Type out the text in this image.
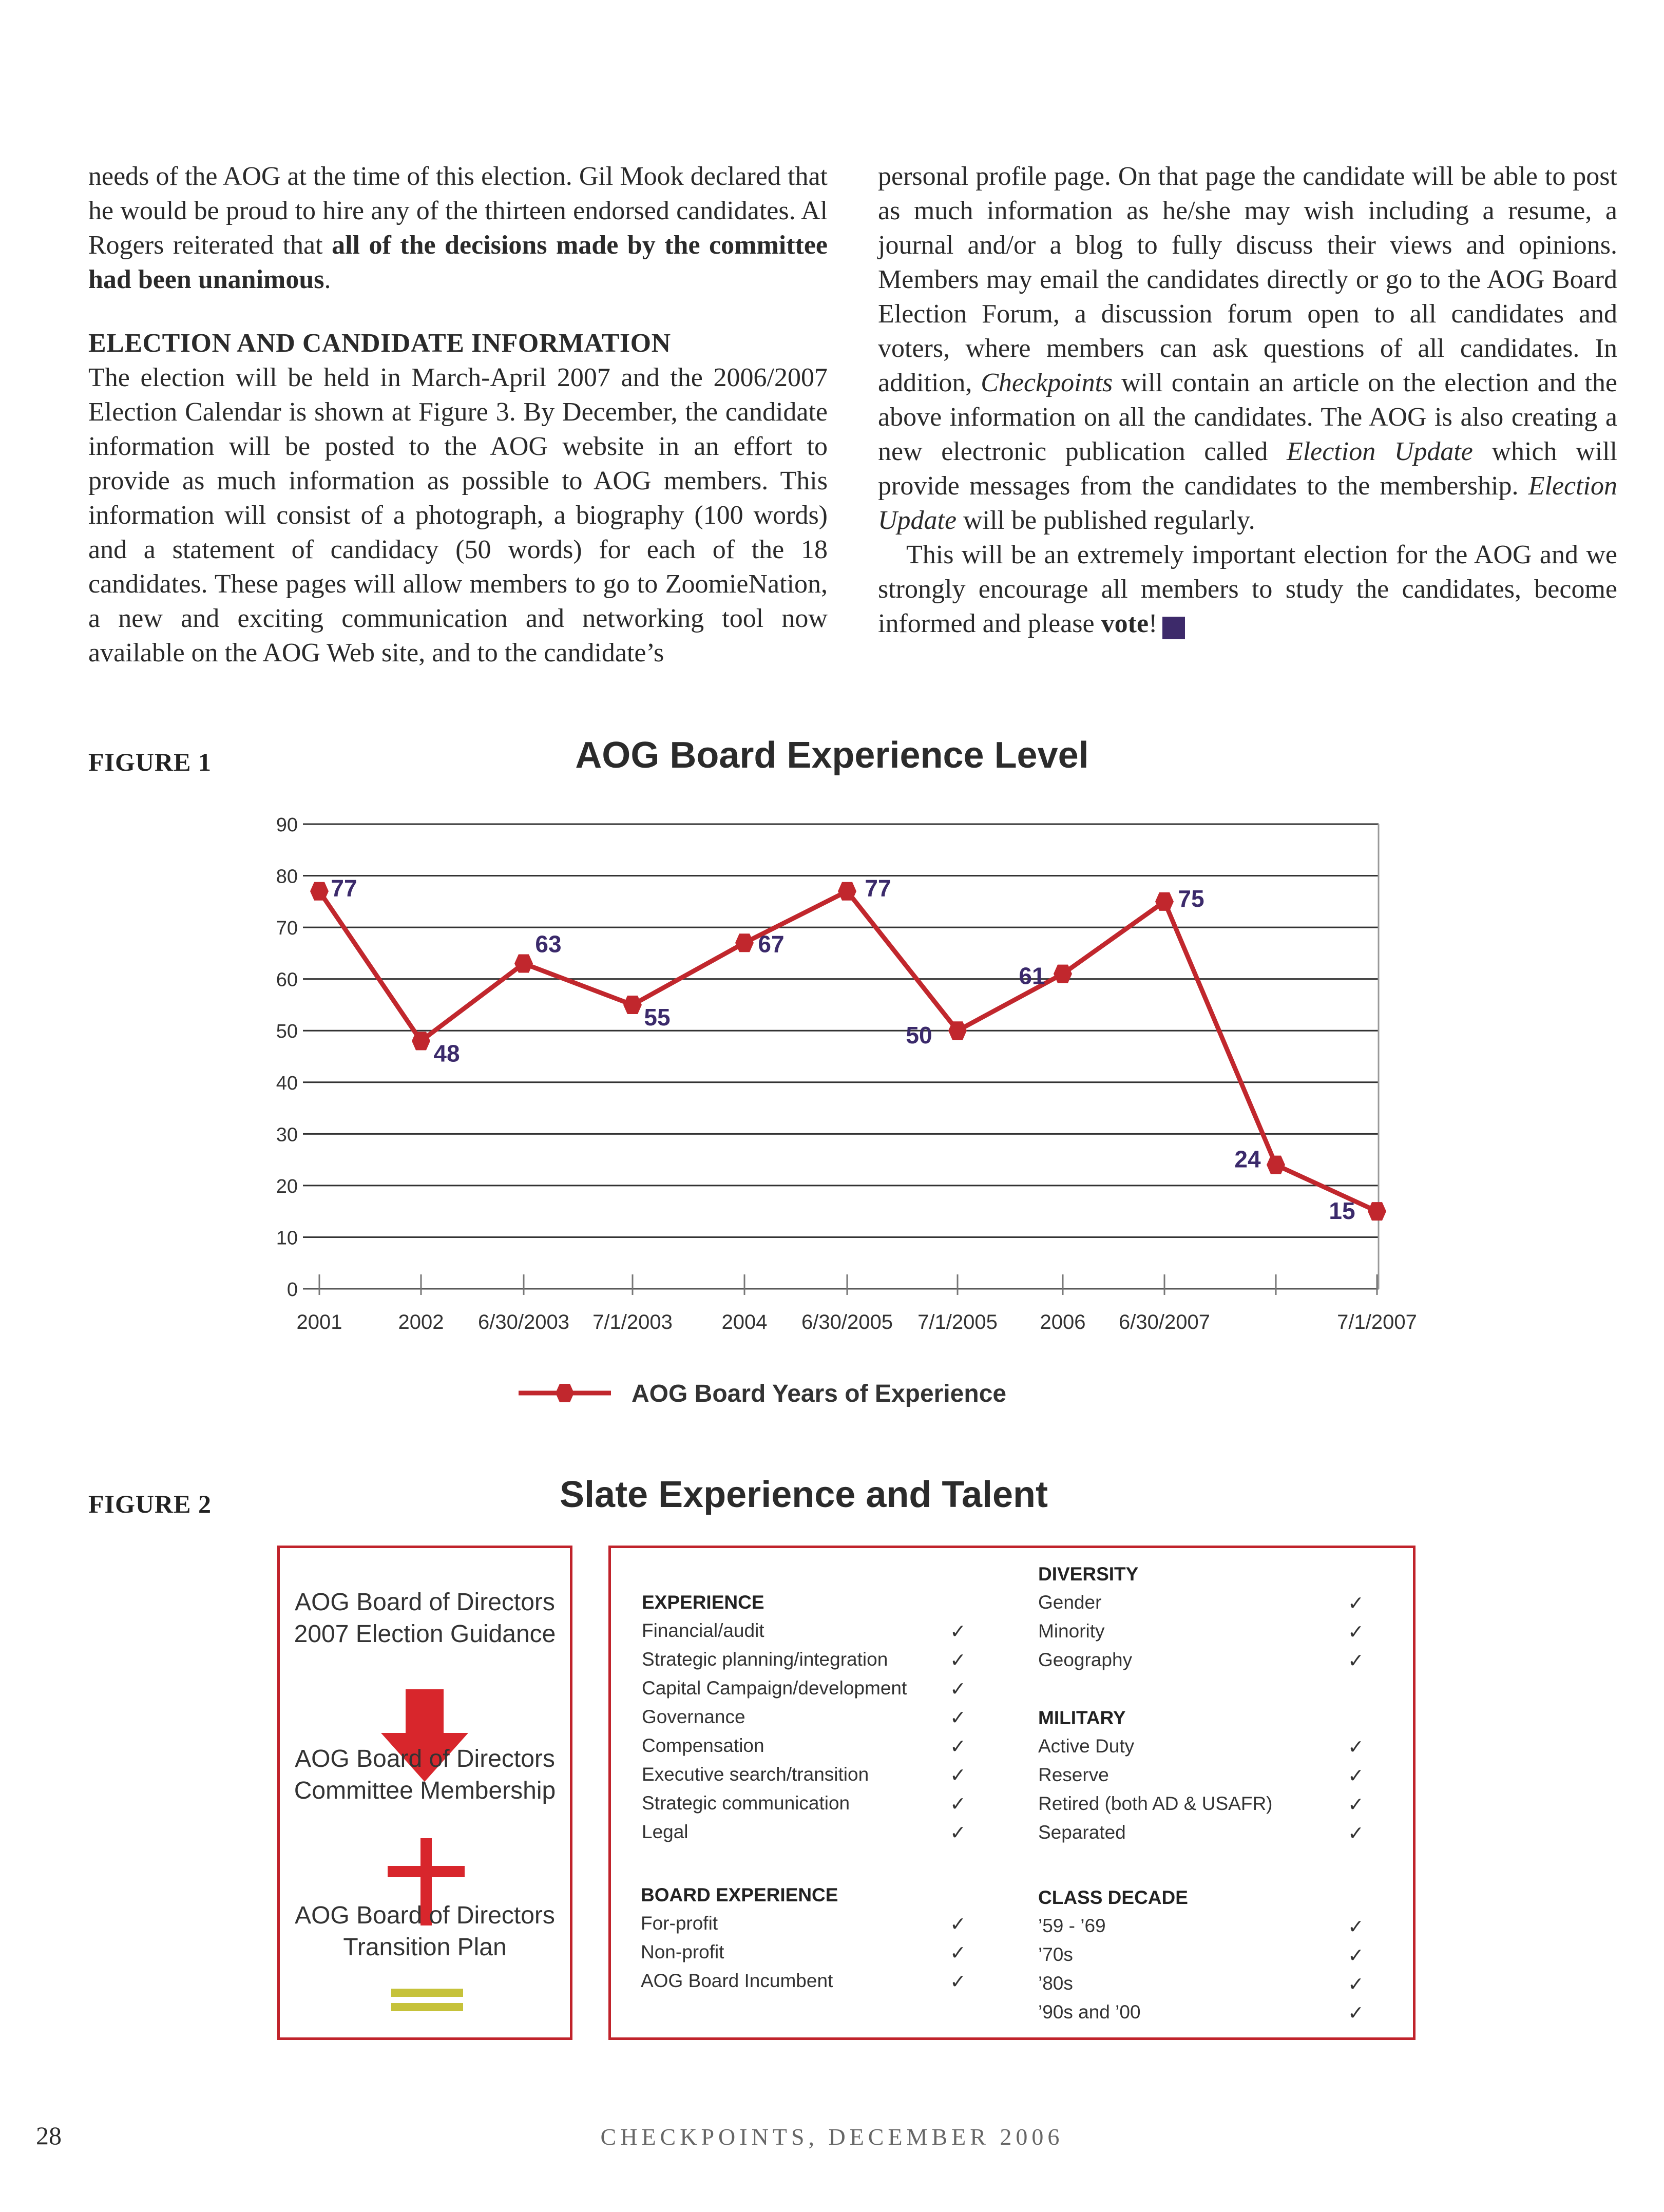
needs of the AOG at the time of this election. Gil Mook declared that he would be proud to hire any of the thirteen endorsed candidates. Al Rogers reiterated that all of the decisions made by the committee had been unanimous.

ELECTION AND CANDIDATE INFORMATION

The election will be held in March-April 2007 and the 2006/2007 Election Calendar is shown at Figure 3. By December, the candidate information will be posted to the AOG website in an effort to provide as much information as possible to AOG members. This information will consist of a photograph, a biography (100 words) and a statement of candidacy (50 words) for each of the 18 candidates. These pages will allow members to go to ZoomieNation, a new and exciting communication and networking tool now available on the AOG Web site, and to the candidate’s

personal profile page. On that page the candidate will be able to post as much information as he/she may wish including a resume, a journal and/or a blog to fully discuss their views and opinions. Members may email the candidates directly or go to the AOG Board Election Forum, a discussion forum open to all candidates and voters, where members can ask questions of all candidates. In addition, Checkpoints will contain an article on the election and the above information on all the candidates. The AOG is also creating a new electronic publication called Election Update which will provide messages from the candidates to the membership. Election Update will be published regularly.

This will be an extremely important election for the AOG and we strongly encourage all members to study the candidates, become informed and please vote! ✓

FIGURE 1	AOG Board Experience Level
0
10
20
30
40
50
60
70
80
90
2001	2002 6/30/2003 7/1/2003 2004 6/30/2005 7/1/2005 2006 6/30/2007	7/1/2007
77
48
63
55
67
77
50
61
75
24
15
AOG Board Years of Experience
FIGURE 2	Slate Experience and Talent
AOG Board of Directors
2007 Election Guidance
AOG Board of Directors
Committee Membership
AOG Board of Directors
Transition Plan
EXPERIENCE
Financial/audit	✓
Strategic planning/integration	✓
Capital Campaign/development ✓
Governance	✓
Compensation	✓
Executive search/transition	✓
Strategic communication	✓
Legal	✓
BOARD EXPERIENCE
For-profit	✓
Non-profit	✓
AOG Board Incumbent	✓
DIVERSITY
Gender	✓
Minority	✓
Geography	✓
MILITARY
Active Duty	✓
Reserve	✓
Retired (both AD & USAFR)	✓
Separated	✓
CLASS DECADE
’59 - ’69	✓
’70s	✓
’80s	✓
’90s and ’00	✓
28	CHECKPOINTS, DECEMBER 2006
